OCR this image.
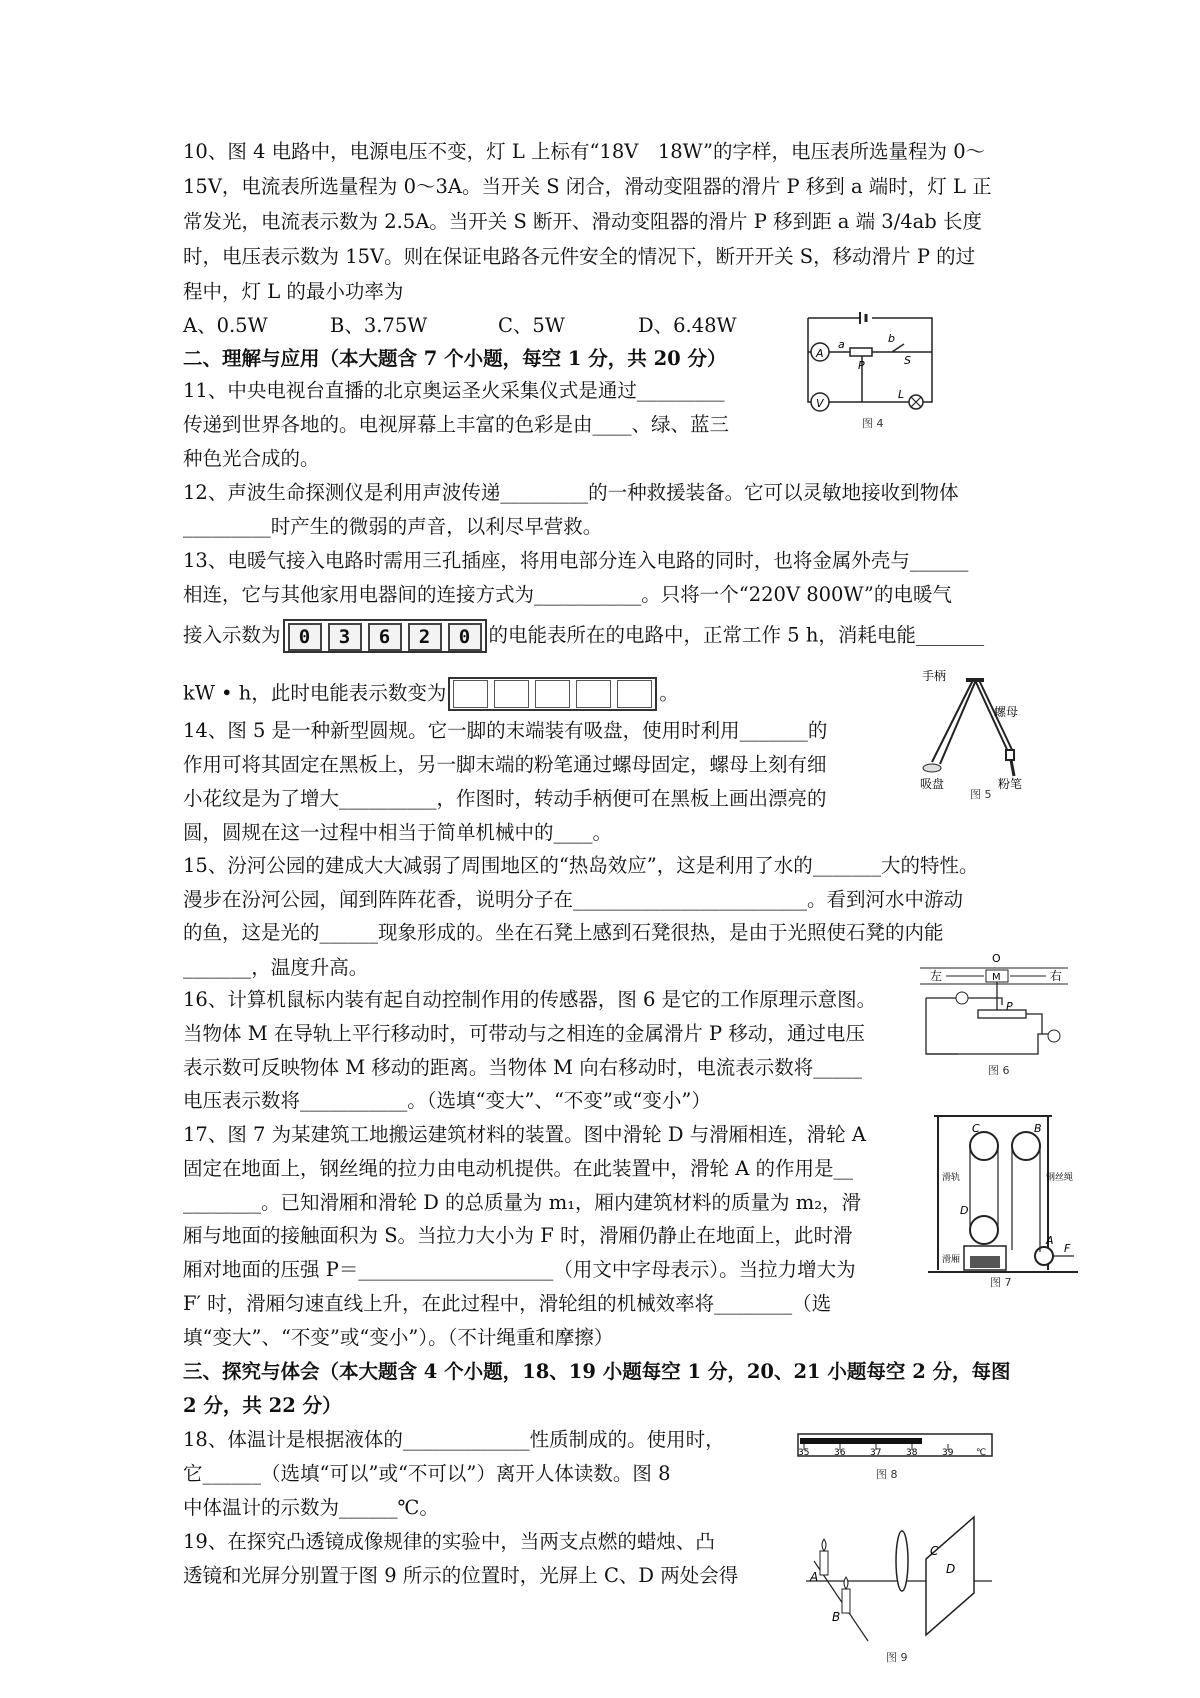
10、图 4 电路中，电源电压不变，灯 L 上标有“18V　18W”的字样，电压表所选量程为 0～
15V，电流表所选量程为 0～3A。当开关 S 闭合，滑动变阻器的滑片 P 移到 a 端时，灯 L 正
常发光，电流表示数为 2.5A。当开关 S 断开、滑动变阻器的滑片 P 移到距 a 端 3/4ab 长度
时，电压表示数为 15V。则在保证电路各元件安全的情况下，断开开关 S，移动滑片 P 的过
程中，灯 L 的最小功率为
A、0.5W	B、3.75W	C、5W	D、6.48W
二、理解与应用（本大题含 7 个小题，每空 1 分，共 20 分）
11、中央电视台直播的北京奥运圣火采集仪式是通过_________
传递到世界各地的。电视屏幕上丰富的色彩是由____、绿、蓝三
种色光合成的。
12、声波生命探测仪是利用声波传递_________的一种救援装备。它可以灵敏地接收到物体
_________时产生的微弱的声音，以利尽早营救。
13、电暖气接入电路时需用三孔插座，将用电部分连入电路的同时，也将金属外壳与______
相连，它与其他家用电器间的连接方式为___________。只将一个“220V 800W”的电暖气
接入示数为 0 3 6 2 0 的电能表所在的电路中，正常工作 5 h，消耗电能_______
kW • h，此时电能表示数变为	。
14、图 5 是一种新型圆规。它一脚的末端装有吸盘，使用时利用_______的
作用可将其固定在黑板上，另一脚末端的粉笔通过螺母固定，螺母上刻有细
小花纹是为了增大__________，作图时，转动手柄便可在黑板上画出漂亮的
圆，圆规在这一过程中相当于简单机械中的____。
15、汾河公园的建成大大减弱了周围地区的“热岛效应”，这是利用了水的_______大的特性。
漫步在汾河公园，闻到阵阵花香，说明分子在________________________。看到河水中游动
的鱼，这是光的______现象形成的。坐在石凳上感到石凳很热，是由于光照使石凳的内能
_______，温度升高。
16、计算机鼠标内装有起自动控制作用的传感器，图 6 是它的工作原理示意图。
当物体 M 在导轨上平行移动时，可带动与之相连的金属滑片 P 移动，通过电压
表示数可反映物体 M 移动的距离。当物体 M 向右移动时，电流表示数将_____
电压表示数将___________。（选填“变大”、“不变”或“变小”）
17、图 7 为某建筑工地搬运建筑材料的装置。图中滑轮 D 与滑厢相连，滑轮 A
固定在地面上，钢丝绳的拉力由电动机提供。在此装置中，滑轮 A 的作用是__
________。已知滑厢和滑轮 D 的总质量为 m₁，厢内建筑材料的质量为 m₂，滑
厢与地面的接触面积为 S。当拉力大小为 F 时，滑厢仍静止在地面上，此时滑
厢对地面的压强 P＝____________________（用文中字母表示）。当拉力增大为
F′ 时，滑厢匀速直线上升，在此过程中，滑轮组的机械效率将________（选
填“变大”、“不变”或“变小”）。（不计绳重和摩擦）
三、探究与体会（本大题含 4 个小题，18、19 小题每空 1 分，20、21 小题每空 2 分，每图
2 分，共 22 分）
18、体温计是根据液体的_____________性质制成的。使用时，
它______（选填“可以”或“不可以”）离开人体读数。图 8
中体温计的示数为______℃。
19、在探究凸透镜成像规律的实验中，当两支点燃的蜡烛、凸
透镜和光屏分别置于图 9 所示的位置时，光屏上 C、D 两处会得
A
a
P
b
S
V
L
图 4
手柄
螺母
吸盘	粉笔
图 5
O
左	右
M
P
图 6
B
C
D
A
F
滑轨	钢丝绳
滑厢
图 7
35	36	37	38	39	℃
图 8
A
B
C
D
图 9
